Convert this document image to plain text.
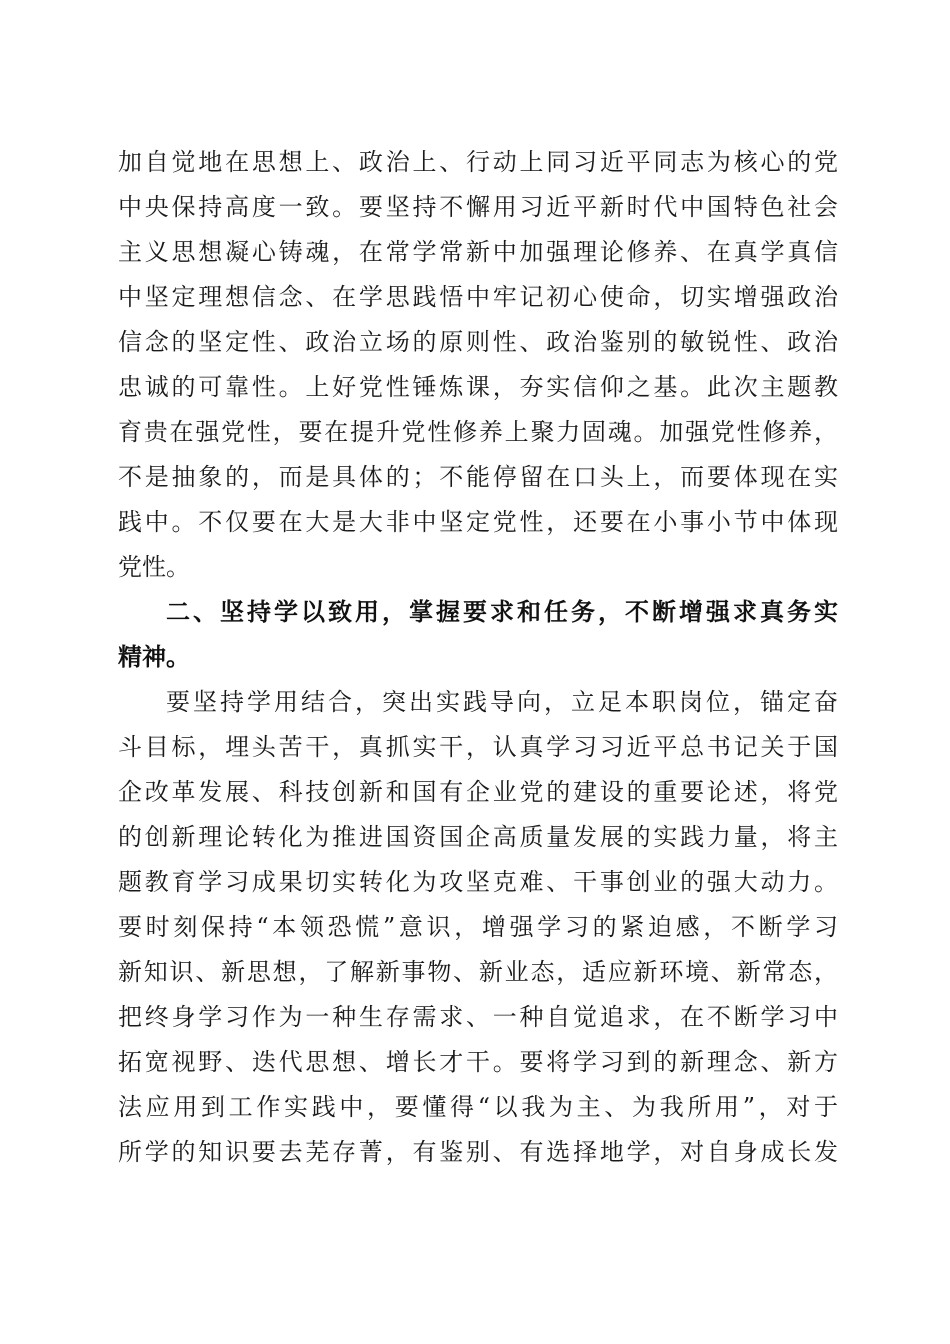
加自觉地在思想上、政治上、行动上同习近平同志为核心的党
中央保持高度一致。要坚持不懈用习近平新时代中国特色社会
主义思想凝心铸魂，在常学常新中加强理论修养、在真学真信
中坚定理想信念、在学思践悟中牢记初心使命，切实增强政治
信念的坚定性、政治立场的原则性、政治鉴别的敏锐性、政治
忠诚的可靠性。上好党性锤炼课，夯实信仰之基。此次主题教
育贵在强党性，要在提升党性修养上聚力固魂。加强党性修养，
不是抽象的，而是具体的；不能停留在口头上，而要体现在实
践中。不仅要在大是大非中坚定党性，还要在小事小节中体现
党性。
二、坚持学以致用，掌握要求和任务，不断增强求真务实
精神。
要坚持学用结合，突出实践导向，立足本职岗位，锚定奋
斗目标，埋头苦干，真抓实干，认真学习习近平总书记关于国
企改革发展、科技创新和国有企业党的建设的重要论述，将党
的创新理论转化为推进国资国企高质量发展的实践力量，将主
题教育学习成果切实转化为攻坚克难、干事创业的强大动力。
要时刻保持“本领恐慌”意识，增强学习的紧迫感，不断学习
新知识、新思想，了解新事物、新业态，适应新环境、新常态，
把终身学习作为一种生存需求、一种自觉追求，在不断学习中
拓宽视野、迭代思想、增长才干。要将学习到的新理念、新方
法应用到工作实践中，要懂得“以我为主、为我所用”，对于
所学的知识要去芜存菁，有鉴别、有选择地学，对自身成长发
